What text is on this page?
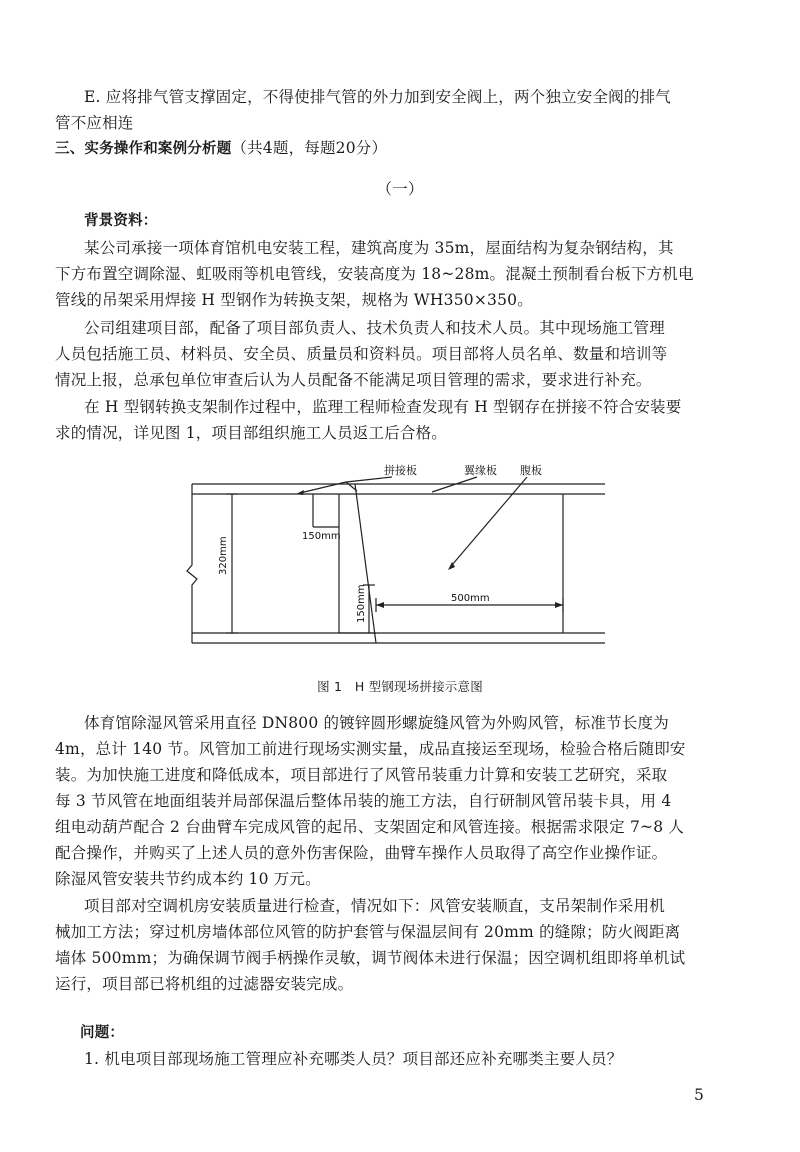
E. 应将排气管支撑固定，不得使排气管的外力加到安全阀上，两个独立安全阀的排气
管不应相连
三、实务操作和案例分析题（共4题，每题20分）
（一）
背景资料：
某公司承接一项体育馆机电安装工程，建筑高度为 35m，屋面结构为复杂钢结构，其
下方布置空调除湿、虹吸雨等机电管线，安装高度为 18~28m。混凝土预制看台板下方机电
管线的吊架采用焊接 H 型钢作为转换支架，规格为 WH350×350。
公司组建项目部，配备了项目部负责人、技术负责人和技术人员。其中现场施工管理
人员包括施工员、材料员、安全员、质量员和资料员。项目部将人员名单、数量和培训等
情况上报，总承包单位审查后认为人员配备不能满足项目管理的需求，要求进行补充。
在 H 型钢转换支架制作过程中，监理工程师检查发现有 H 型钢存在拼接不符合安装要
求的情况，详见图 1，项目部组织施工人员返工后合格。
拼接板	翼缘板 腹板
150mm
500mm
320mm
150mm
图 1　H 型钢现场拼接示意图
体育馆除湿风管采用直径 DN800 的镀锌圆形螺旋缝风管为外购风管，标准节长度为
4m，总计 140 节。风管加工前进行现场实测实量，成品直接运至现场，检验合格后随即安
装。为加快施工进度和降低成本，项目部进行了风管吊装重力计算和安装工艺研究，采取
每 3 节风管在地面组装并局部保温后整体吊装的施工方法，自行研制风管吊装卡具，用 4
组电动葫芦配合 2 台曲臂车完成风管的起吊、支架固定和风管连接。根据需求限定 7~8 人
配合操作，并购买了上述人员的意外伤害保险，曲臂车操作人员取得了高空作业操作证。
除湿风管安装共节约成本约 10 万元。
项目部对空调机房安装质量进行检查，情况如下：风管安装顺直，支吊架制作采用机
械加工方法；穿过机房墙体部位风管的防护套管与保温层间有 20mm 的缝隙；防火阀距离
墙体 500mm；为确保调节阀手柄操作灵敏，调节阀体未进行保温；因空调机组即将单机试
运行，项目部已将机组的过滤器安装完成。
问题：
1. 机电项目部现场施工管理应补充哪类人员？项目部还应补充哪类主要人员？
5
